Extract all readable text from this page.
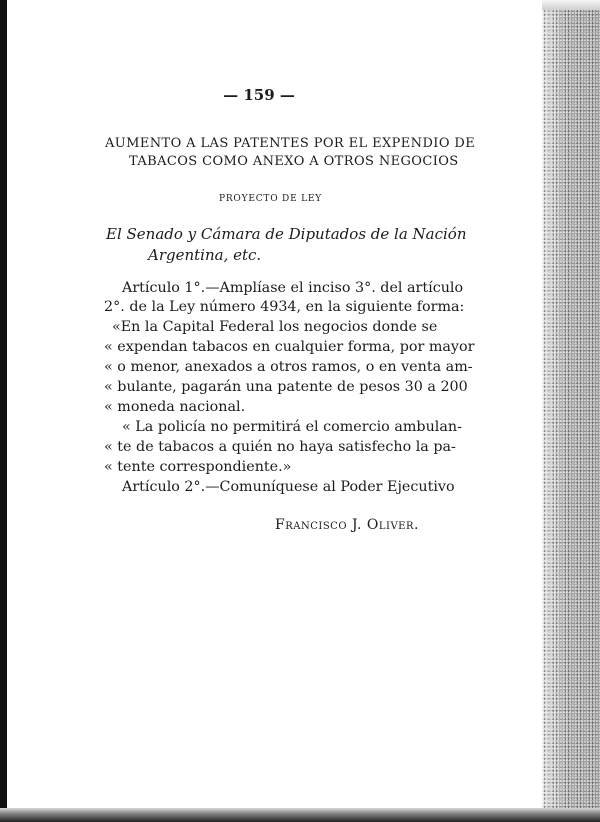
— 159 —
AUMENTO A LAS PATENTES POR EL EXPENDIO DE
TABACOS COMO ANEXO A OTROS NEGOCIOS
PROYECTO DE LEY
El Senado y Cámara de Diputados de la Nación
Argentina, etc.
Artículo 1°.—Amplíase el inciso 3°. del artículo
2°. de la Ley número 4934, en la siguiente forma:
«En la Capital Federal los negocios donde se
« expendan tabacos en cualquier forma, por mayor
« o menor, anexados a otros ramos, o en venta am-
« bulante, pagarán una patente de pesos 30 a 200
« moneda nacional.
« La policía no permitirá el comercio ambulan-
« te de tabacos a quién no haya satisfecho la pa-
« tente correspondiente.»
Artículo 2°.—Comuníquese al Poder Ejecutivo
Francisco J. Oliver.
